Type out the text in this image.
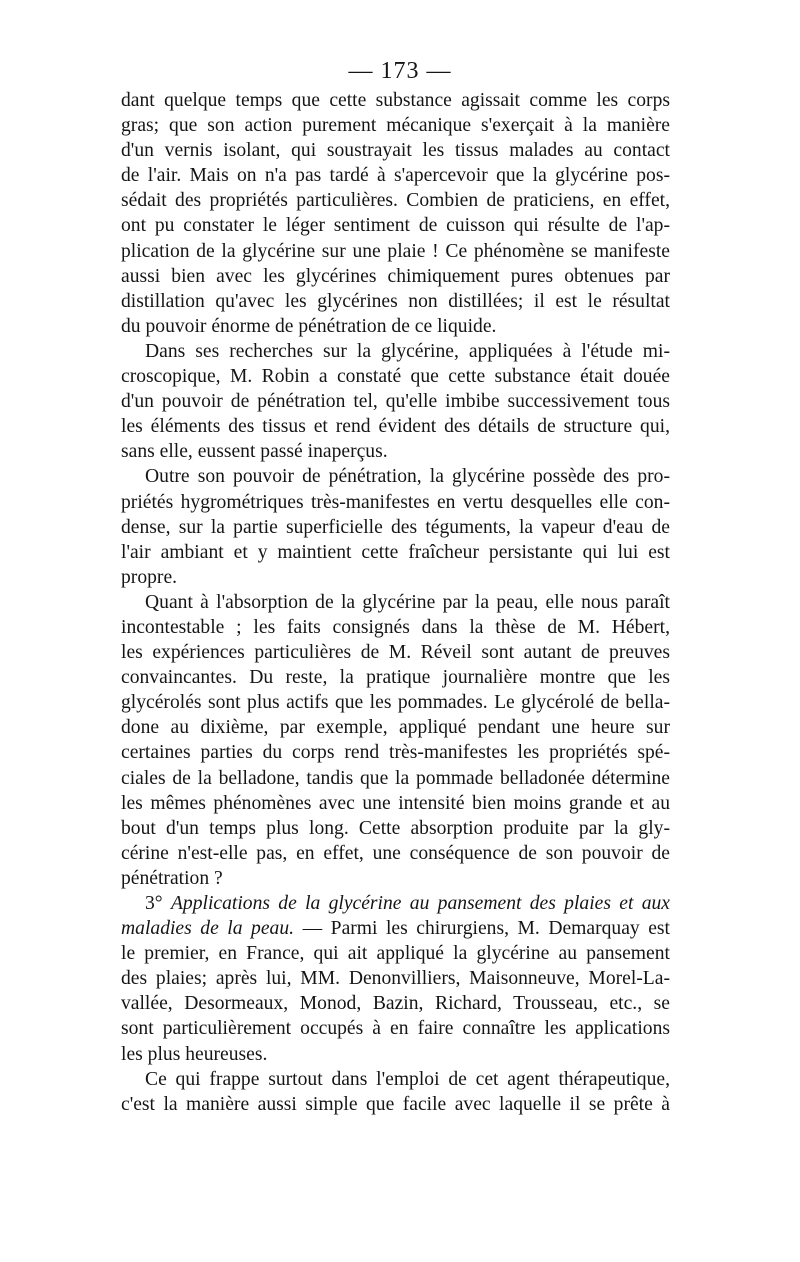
— 173 —
dant quelque temps que cette substance agissait comme les corps
gras; que son action purement mécanique s'exerçait à la manière
d'un vernis isolant, qui soustrayait les tissus malades au contact
de l'air. Mais on n'a pas tardé à s'apercevoir que la glycérine pos-
sédait des propriétés particulières. Combien de praticiens, en effet,
ont pu constater le léger sentiment de cuisson qui résulte de l'ap-
plication de la glycérine sur une plaie ! Ce phénomène se manifeste
aussi bien avec les glycérines chimiquement pures obtenues par
distillation qu'avec les glycérines non distillées; il est le résultat
du pouvoir énorme de pénétration de ce liquide.
Dans ses recherches sur la glycérine, appliquées à l'étude mi-
croscopique, M. Robin a constaté que cette substance était douée
d'un pouvoir de pénétration tel, qu'elle imbibe successivement tous
les éléments des tissus et rend évident des détails de structure qui,
sans elle, eussent passé inaperçus.
Outre son pouvoir de pénétration, la glycérine possède des pro-
priétés hygrométriques très-manifestes en vertu desquelles elle con-
dense, sur la partie superficielle des téguments, la vapeur d'eau de
l'air ambiant et y maintient cette fraîcheur persistante qui lui est
propre.
Quant à l'absorption de la glycérine par la peau, elle nous paraît
incontestable ; les faits consignés dans la thèse de M. Hébert,
les expériences particulières de M. Réveil sont autant de preuves
convaincantes. Du reste, la pratique journalière montre que les
glycérolés sont plus actifs que les pommades. Le glycérolé de bella-
done au dixième, par exemple, appliqué pendant une heure sur
certaines parties du corps rend très-manifestes les propriétés spé-
ciales de la belladone, tandis que la pommade belladonée détermine
les mêmes phénomènes avec une intensité bien moins grande et au
bout d'un temps plus long. Cette absorption produite par la gly-
cérine n'est-elle pas, en effet, une conséquence de son pouvoir de
pénétration ?
3° Applications de la glycérine au pansement des plaies et aux
maladies de la peau. — Parmi les chirurgiens, M. Demarquay est
le premier, en France, qui ait appliqué la glycérine au pansement
des plaies; après lui, MM. Denonvilliers, Maisonneuve, Morel-La-
vallée, Desormeaux, Monod, Bazin, Richard, Trousseau, etc., se
sont particulièrement occupés à en faire connaître les applications
les plus heureuses.
Ce qui frappe surtout dans l'emploi de cet agent thérapeutique,
c'est la manière aussi simple que facile avec laquelle il se prête à
